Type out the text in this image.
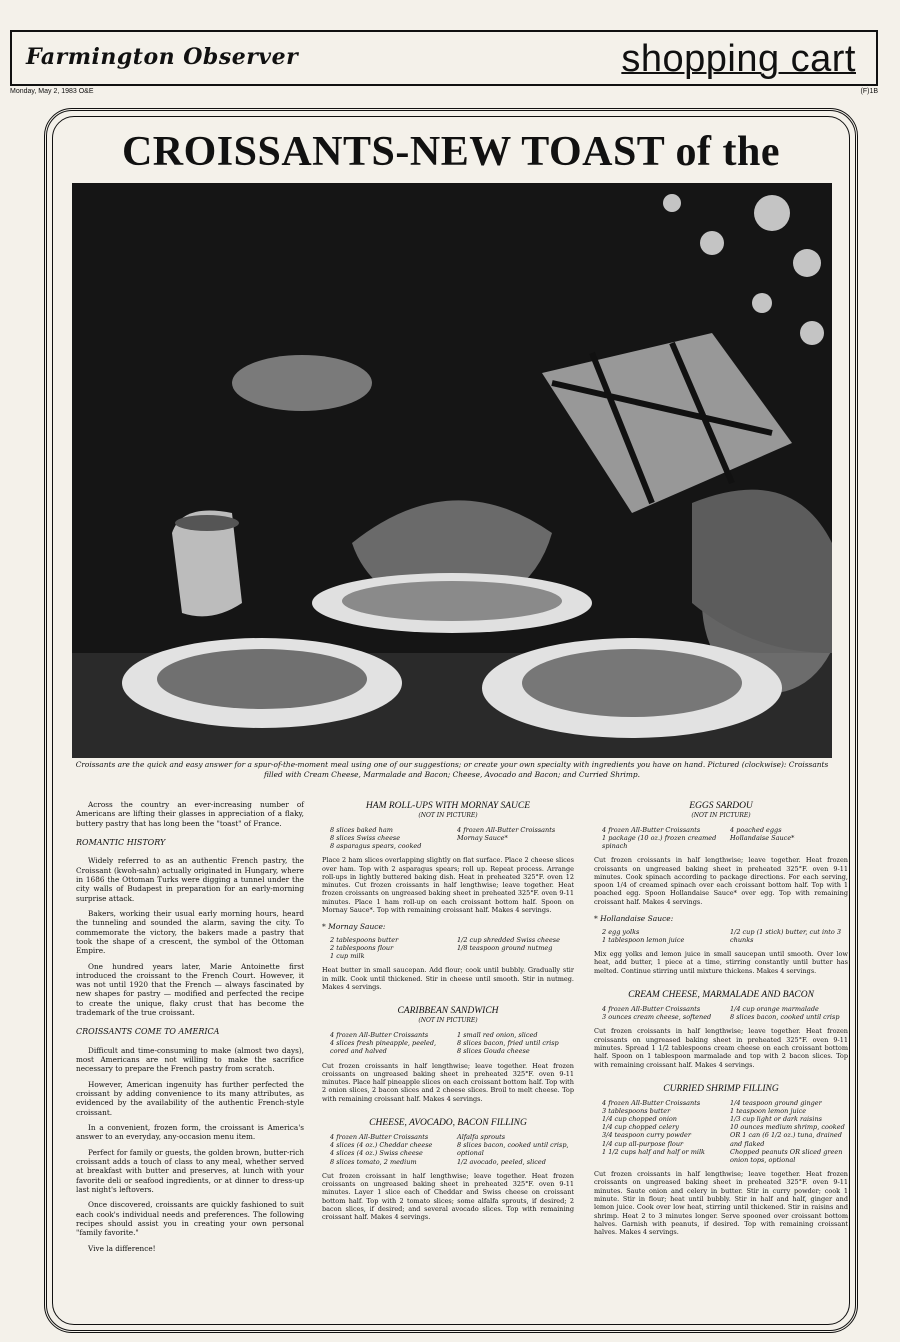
Farmington Observer	shopping cart
Monday, May 2, 1983 O&E	(F)1B
CROISSANTS-NEW TOAST of the
Croissants are the quick and easy answer for a spur-of-the-moment meal using one of our suggestions; or create your own specialty with ingredients you have on hand. Pictured (clockwise): Croissants filled with Cream Cheese, Marmalade and Bacon; Cheese, Avocado and Bacon; and Curried Shrimp.

Across the country an ever-increasing number of Americans are lifting their glasses in appreciation of a flaky, buttery pastry that has long been the "toast" of France.

ROMANTIC HISTORY

Widely referred to as an authentic French pastry, the Croissant (kwoh-sahn) actually originated in Hungary, where in 1686 the Ottoman Turks were digging a tunnel under the city walls of Budapest in preparation for an early-morning surprise attack.

Bakers, working their usual early morning hours, heard the tunneling and sounded the alarm, saving the city. To commemorate the victory, the bakers made a pastry that took the shape of a crescent, the symbol of the Ottoman Empire.

One hundred years later, Marie Antoinette first introduced the croissant to the French Court. However, it was not until 1920 that the French — always fascinated by new shapes for pastry — modified and perfected the recipe to create the unique, flaky crust that has become the trademark of the true croissant.

CROISSANTS COME TO AMERICA

Difficult and time-consuming to make (almost two days), most Americans are not willing to make the sacrifice necessary to prepare the French pastry from scratch.

However, American ingenuity has further perfected the croissant by adding convenience to its many attributes, as evidenced by the availability of the authentic French-style croissant.

In a convenient, frozen form, the croissant is America's answer to an everyday, any-occasion menu item.

Perfect for family or guests, the golden brown, butter-rich croissant adds a touch of class to any meal, whether served at breakfast with butter and preserves, at lunch with your favorite deli or seafood ingredients, or at dinner to dress-up last night's leftovers.

Once discovered, croissants are quickly fashioned to suit each cook's individual needs and preferences. The following recipes should assist you in creating your own personal "family favorite."

Vive la difference!

HAM ROLL-UPS WITH MORNAY SAUCE
(NOT IN PICTURE)
8 slices baked ham
8 slices Swiss cheese
8 asparagus spears, cooked
4 frozen All-Butter Croissants
Mornay Sauce*
Place 2 ham slices overlapping slightly on flat surface. Place 2 cheese slices over ham. Top with 2 asparagus spears; roll up. Repeat process. Arrange roll-ups in lightly buttered baking dish. Heat in preheated 325°F. oven 12 minutes. Cut frozen croissants in half lengthwise; leave together. Heat frozen croissants on ungreased baking sheet in preheated 325°F. oven 9-11 minutes. Place 1 ham roll-up on each croissant bottom half. Spoon on Mornay Sauce*. Top with remaining croissant half. Makes 4 servings.
* Mornay Sauce:
2 tablespoons butter
2 tablespoons flour
1 cup milk
1/2 cup shredded Swiss cheese
1/8 teaspoon ground nutmeg
Heat butter in small saucepan. Add flour; cook until bubbly. Gradually stir in milk. Cook until thickened. Stir in cheese until smooth. Stir in nutmeg. Makes 4 servings.
CARIBBEAN SANDWICH
(NOT IN PICTURE)
4 frozen All-Butter Croissants
4 slices fresh pineapple, peeled, cored and halved
1 small red onion, sliced
8 slices bacon, fried until crisp
8 slices Gouda cheese
Cut frozen croissants in half lengthwise; leave together. Heat frozen croissants on ungreased baking sheet in preheated 325°F. oven 9-11 minutes. Place half pineapple slices on each croissant bottom half. Top with 2 onion slices, 2 bacon slices and 2 cheese slices. Broil to melt cheese. Top with remaining croissant half. Makes 4 servings.
CHEESE, AVOCADO, BACON FILLING
4 frozen All-Butter Croissants
4 slices (4 oz.) Cheddar cheese
4 slices (4 oz.) Swiss cheese
8 slices tomato, 2 medium
Alfalfa sprouts
8 slices bacon, cooked until crisp, optional
1/2 avocado, peeled, sliced
Cut frozen croissant in half lengthwise; leave together. Heat frozen croissants on ungreased baking sheet in preheated 325°F. oven 9-11 minutes. Layer 1 slice each of Cheddar and Swiss cheese on croissant bottom half. Top with 2 tomato slices; some alfalfa sprouts, if desired; 2 bacon slices, if desired; and several avocado slices. Top with remaining croissant half. Makes 4 servings.
EGGS SARDOU
(NOT IN PICTURE)
4 frozen All-Butter Croissants
1 package (10 oz.) frozen creamed spinach
4 poached eggs
Hollandaise Sauce*
Cut frozen croissants in half lengthwise; leave together. Heat frozen croissants on ungreased baking sheet in preheated 325°F. oven 9-11 minutes. Cook spinach according to package directions. For each serving, spoon 1/4 of creamed spinach over each croissant bottom half. Top with 1 poached egg. Spoon Hollandaise Sauce* over egg. Top with remaining croissant half. Makes 4 servings.
* Hollandaise Sauce:
2 egg yolks
1 tablespoon lemon juice
1/2 cup (1 stick) butter, cut into 3 chunks
Mix egg yolks and lemon juice in small saucepan until smooth. Over low heat, add butter, 1 piece at a time, stirring constantly until butter has melted. Continue stirring until mixture thickens. Makes 4 servings.
CREAM CHEESE, MARMALADE AND BACON
4 frozen All-Butter Croissants
3 ounces cream cheese, softened
1/4 cup orange marmalade
8 slices bacon, cooked until crisp
Cut frozen croissants in half lengthwise; leave together. Heat frozen croissants on ungreased baking sheet in preheated 325°F. oven 9-11 minutes. Spread 1 1/2 tablespoons cream cheese on each croissant bottom half. Spoon on 1 tablespoon marmalade and top with 2 bacon slices. Top with remaining croissant half. Makes 4 servings.
CURRIED SHRIMP FILLING
4 frozen All-Butter Croissants
3 tablespoons butter
1/4 cup chopped onion
1/4 cup chopped celery
3/4 teaspoon curry powder
1/4 cup all-purpose flour
1 1/2 cups half and half or milk
1/4 teaspoon ground ginger
1 teaspoon lemon juice
1/3 cup light or dark raisins
10 ounces medium shrimp, cooked OR 1 can (6 1/2 oz.) tuna, drained and flaked
Chopped peanuts OR sliced green onion tops, optional
Cut frozen croissants in half lengthwise; leave together. Heat frozen croissants on ungreased baking sheet in preheated 325°F. oven 9-11 minutes. Saute onion and celery in butter. Stir in curry powder; cook 1 minute. Stir in flour; heat until bubbly. Stir in half and half, ginger and lemon juice. Cook over low heat, stirring until thickened. Stir in raisins and shrimp. Heat 2 to 3 minutes longer. Serve spooned over croissant bottom halves. Garnish with peanuts, if desired. Top with remaining croissant halves. Makes 4 servings.
